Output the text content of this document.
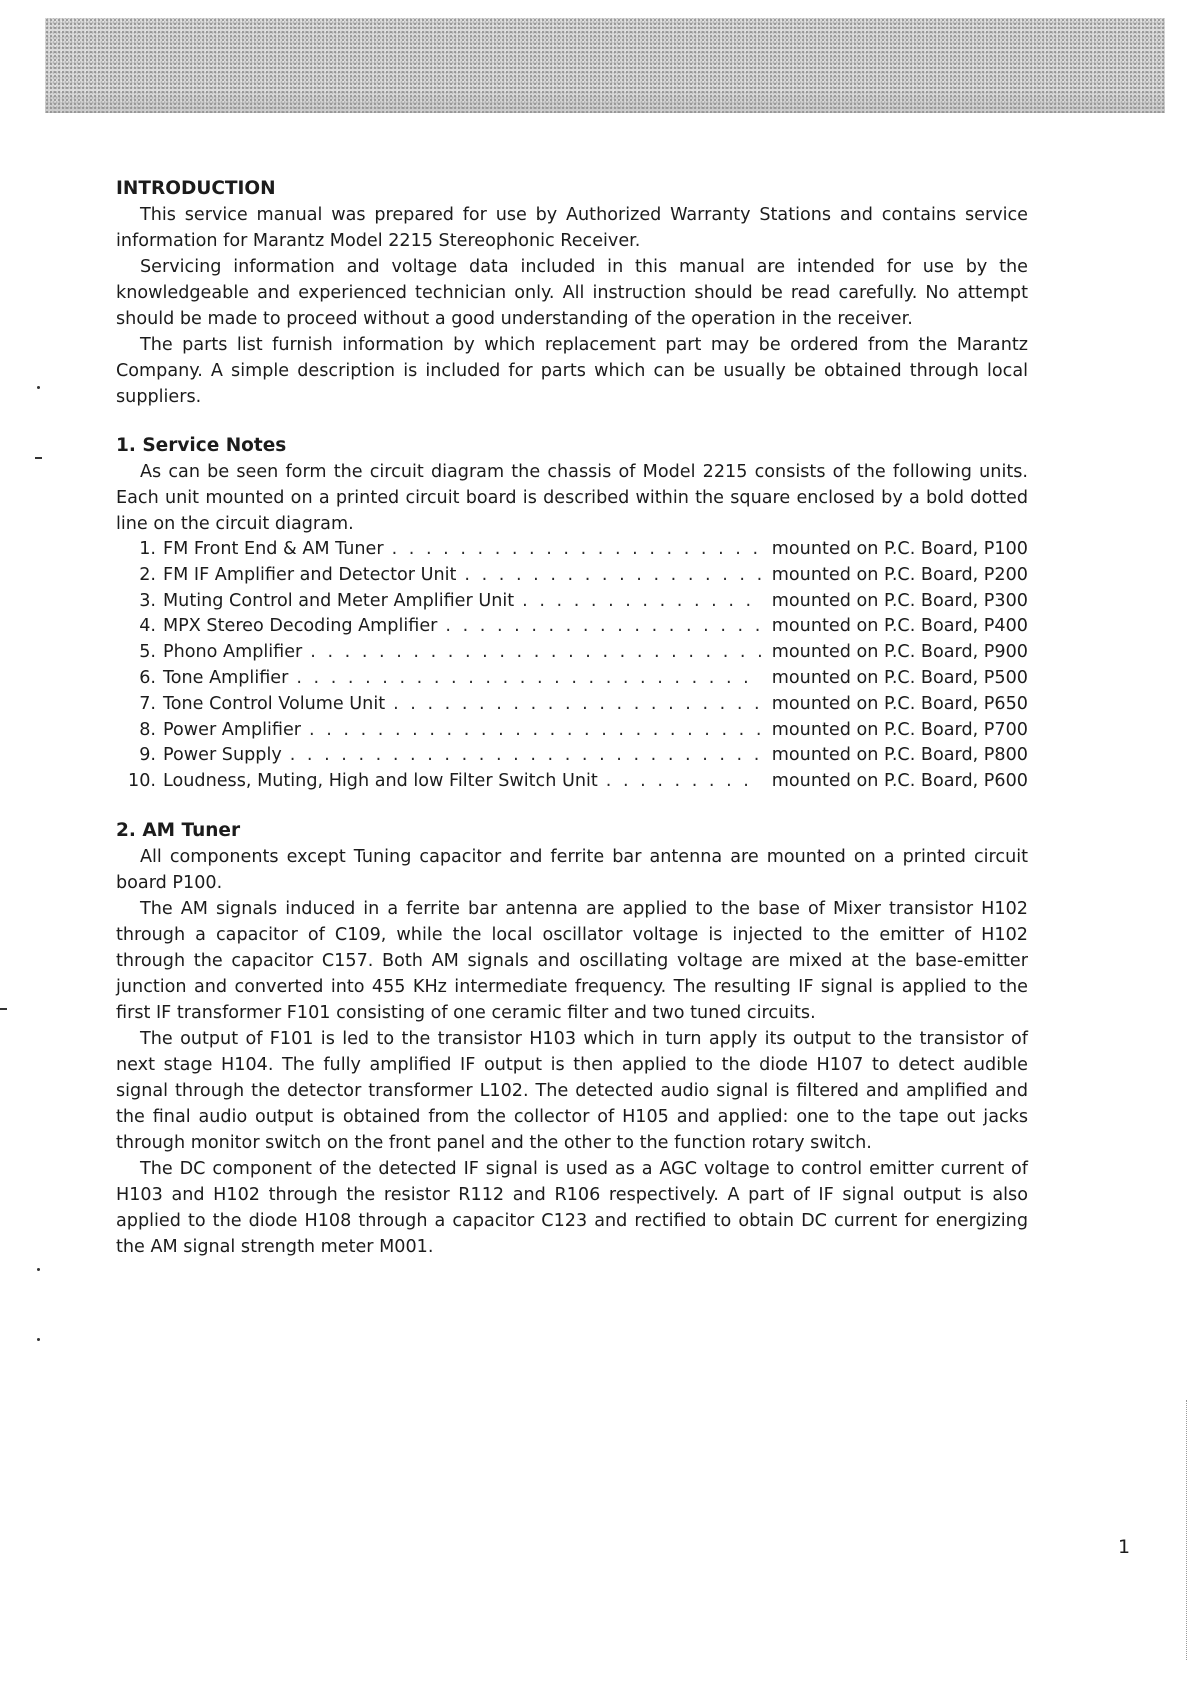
INTRODUCTION

This service manual was prepared for use by Authorized Warranty Stations and contains service information for Marantz Model 2215 Stereophonic Receiver.

Servicing information and voltage data included in this manual are intended for use by the knowledgeable and experienced technician only. All instruction should be read carefully. No attempt should be made to proceed without a good understanding of the operation in the receiver.

The parts list furnish information by which replacement part may be ordered from the Marantz Company. A simple description is included for parts which can be usually be obtained through local suppliers.

1. Service Notes

As can be seen form the circuit diagram the chassis of Model 2215 consists of the following units. Each unit mounted on a printed circuit board is described within the square enclosed by a bold dotted line on the circuit diagram.

1. FM Front End & AM Tuner . . .	mounted on P.C. Board, P100
2. FM IF Amplifier and Detector Unit . . .	mounted on P.C. Board, P200
3. Muting Control and Meter Amplifier Unit . . .	mounted on P.C. Board, P300
4. MPX Stereo Decoding Amplifier . . .	mounted on P.C. Board, P400
5. Phono Amplifier . . .	mounted on P.C. Board, P900
6. Tone Amplifier . . .	mounted on P.C. Board, P500
7. Tone Control Volume Unit . . .	mounted on P.C. Board, P650
8. Power Amplifier . . .	mounted on P.C. Board, P700
9. Power Supply . . .	mounted on P.C. Board, P800
10. Loudness, Muting, High and low Filter Switch Unit . . .	mounted on P.C. Board, P600
2. AM Tuner

All components except Tuning capacitor and ferrite bar antenna are mounted on a printed circuit board P100.

The AM signals induced in a ferrite bar antenna are applied to the base of Mixer transistor H102 through a capacitor of C109, while the local oscillator voltage is injected to the emitter of H102 through the capacitor C157. Both AM signals and oscillating voltage are mixed at the base-emitter junction and converted into 455 KHz intermediate frequency. The resulting IF signal is applied to the first IF transformer F101 consisting of one ceramic filter and two tuned circuits.

The output of F101 is led to the transistor H103 which in turn apply its output to the transistor of next stage H104. The fully amplified IF output is then applied to the diode H107 to detect audible signal through the detector transformer L102. The detected audio signal is filtered and amplified and the final audio output is obtained from the collector of H105 and applied: one to the tape out jacks through monitor switch on the front panel and the other to the function rotary switch.

The DC component of the detected IF signal is used as a AGC voltage to control emitter current of H103 and H102 through the resistor R112 and R106 respectively. A part of IF signal output is also applied to the diode H108 through a capacitor C123 and rectified to obtain DC current for energizing the AM signal strength meter M001.

1
